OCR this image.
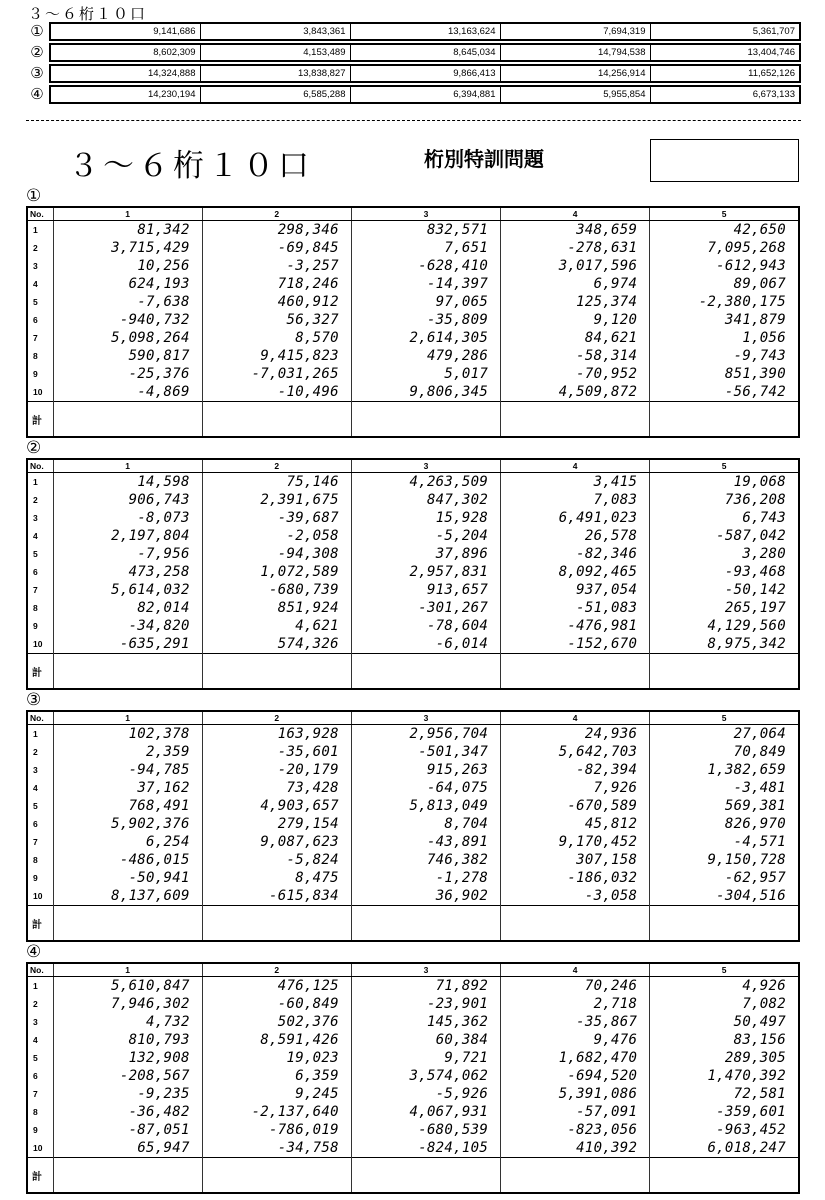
３～６桁１０口
①	9,141,686	3,843,361	13,163,624	7,694,319	5,361,707
②	8,602,309	4,153,489	8,645,034	14,794,538	13,404,746
③	14,324,888	13,838,827	9,866,413	14,256,914	11,652,126
④	14,230,194	6,585,288	6,394,881	5,955,854	6,673,133
３～６桁１０口	桁別特訓問題
①
No.	1	2	3	4	5
1	81,342	298,346	832,571	348,659	42,650
2	3,715,429	-69,845	7,651	-278,631	7,095,268
3	10,256	-3,257	-628,410	3,017,596	-612,943
4	624,193	718,246	-14,397	6,974	89,067
5	-7,638	460,912	97,065	125,374	-2,380,175
6	-940,732	56,327	-35,809	9,120	341,879
7	5,098,264	8,570	2,614,305	84,621	1,056
8	590,817	9,415,823	479,286	-58,314	-9,743
9	-25,376	-7,031,265	5,017	-70,952	851,390
10	-4,869	-10,496	9,806,345	4,509,872	-56,742
計					
②
No.	1	2	3	4	5
1	14,598	75,146	4,263,509	3,415	19,068
2	906,743	2,391,675	847,302	7,083	736,208
3	-8,073	-39,687	15,928	6,491,023	6,743
4	2,197,804	-2,058	-5,204	26,578	-587,042
5	-7,956	-94,308	37,896	-82,346	3,280
6	473,258	1,072,589	2,957,831	8,092,465	-93,468
7	5,614,032	-680,739	913,657	937,054	-50,142
8	82,014	851,924	-301,267	-51,083	265,197
9	-34,820	4,621	-78,604	-476,981	4,129,560
10	-635,291	574,326	-6,014	-152,670	8,975,342
計					
③
No.	1	2	3	4	5
1	102,378	163,928	2,956,704	24,936	27,064
2	2,359	-35,601	-501,347	5,642,703	70,849
3	-94,785	-20,179	915,263	-82,394	1,382,659
4	37,162	73,428	-64,075	7,926	-3,481
5	768,491	4,903,657	5,813,049	-670,589	569,381
6	5,902,376	279,154	8,704	45,812	826,970
7	6,254	9,087,623	-43,891	9,170,452	-4,571
8	-486,015	-5,824	746,382	307,158	9,150,728
9	-50,941	8,475	-1,278	-186,032	-62,957
10	8,137,609	-615,834	36,902	-3,058	-304,516
計					
④
No.	1	2	3	4	5
1	5,610,847	476,125	71,892	70,246	4,926
2	7,946,302	-60,849	-23,901	2,718	7,082
3	4,732	502,376	145,362	-35,867	50,497
4	810,793	8,591,426	60,384	9,476	83,156
5	132,908	19,023	9,721	1,682,470	289,305
6	-208,567	6,359	3,574,062	-694,520	1,470,392
7	-9,235	9,245	-5,926	5,391,086	72,581
8	-36,482	-2,137,640	4,067,931	-57,091	-359,601
9	-87,051	-786,019	-680,539	-823,056	-963,452
10	65,947	-34,758	-824,105	410,392	6,018,247
計					
